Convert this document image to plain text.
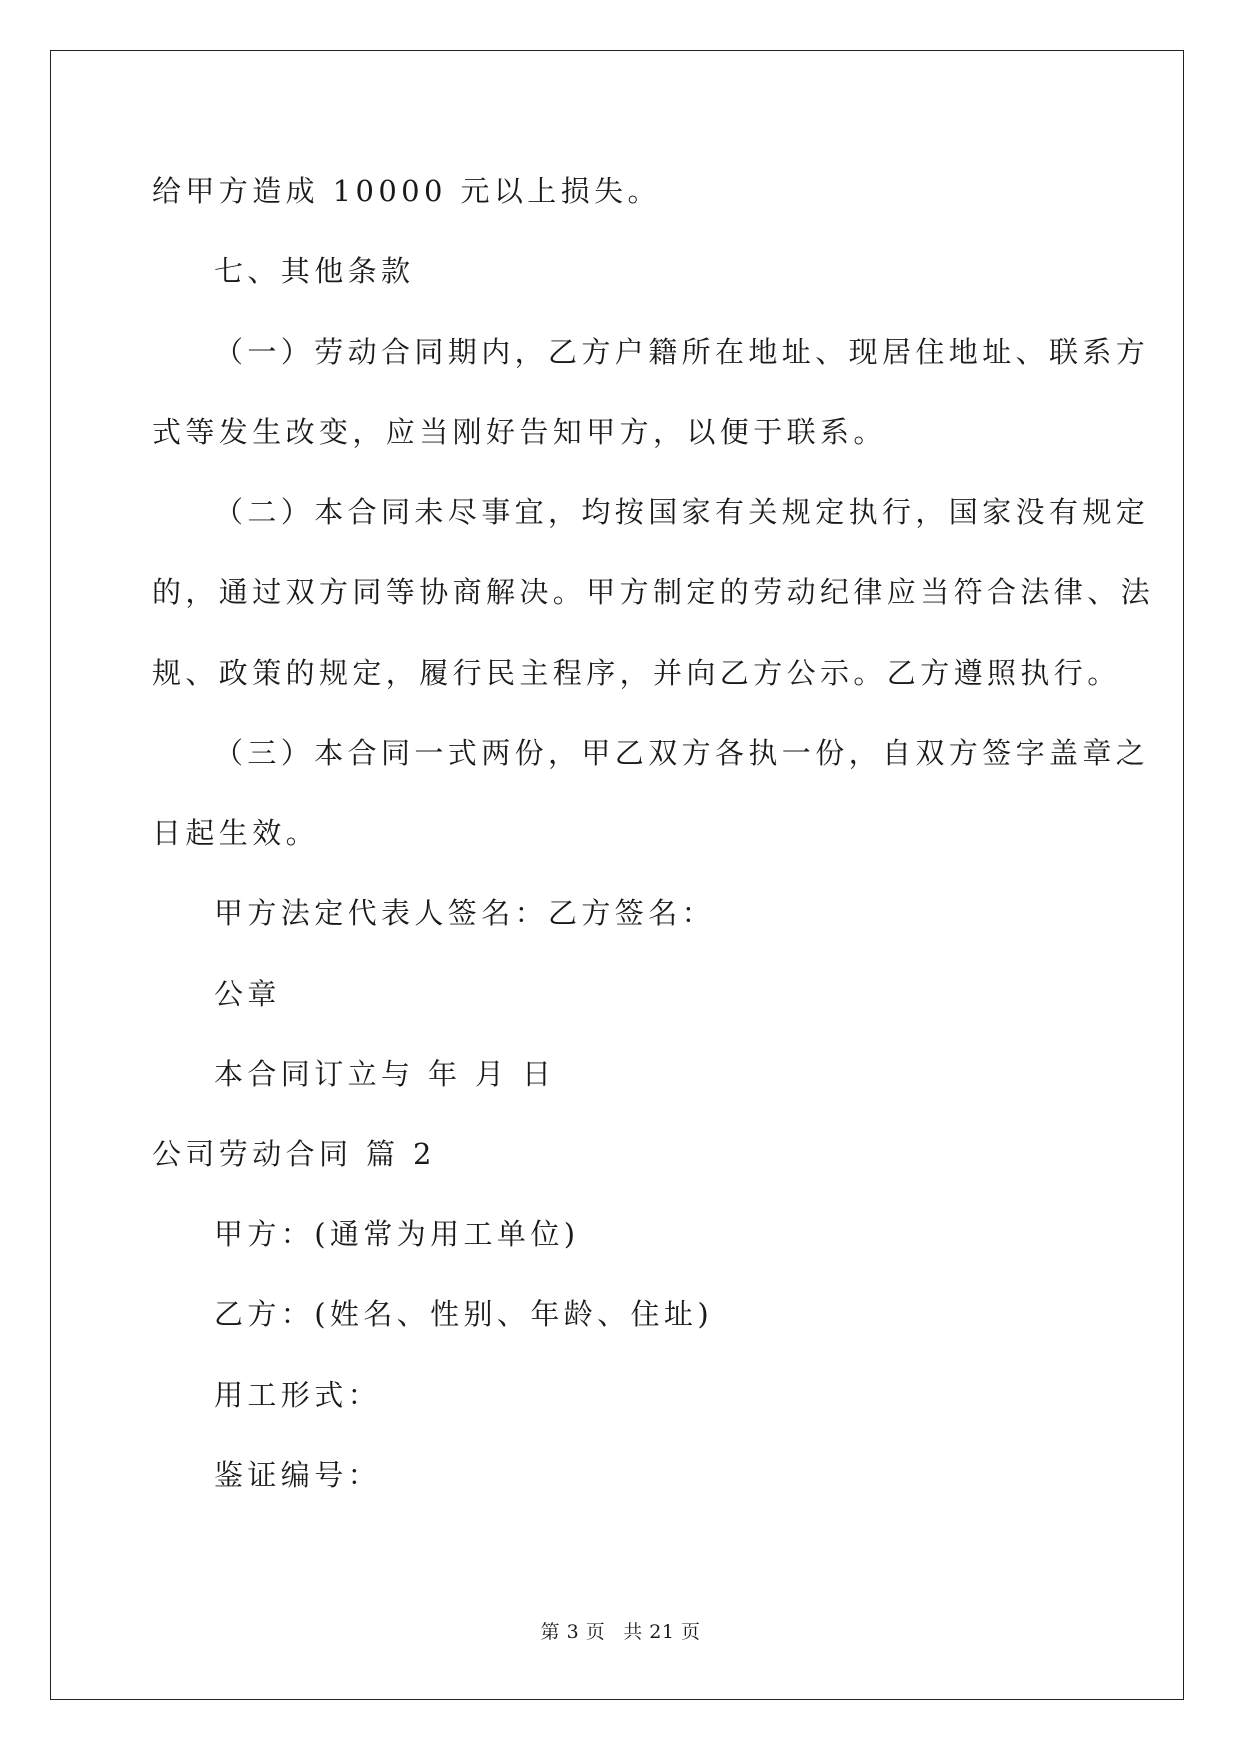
给甲方造成 10000 元以上损失。

七、其他条款

（一）劳动合同期内，乙方户籍所在地址、现居住地址、联系方

式等发生改变，应当刚好告知甲方，以便于联系。

（二）本合同未尽事宜，均按国家有关规定执行，国家没有规定

的，通过双方同等协商解决。甲方制定的劳动纪律应当符合法律、法

规、政策的规定，履行民主程序，并向乙方公示。乙方遵照执行。

（三）本合同一式两份，甲乙双方各执一份，自双方签字盖章之

日起生效。

甲方法定代表人签名：乙方签名：

公章

本合同订立与 年 月 日

公司劳动合同 篇 2

甲方：(通常为用工单位)

乙方：(姓名、性别、年龄、住址)

用工形式：

鉴证编号：

第 3 页 共 21 页
